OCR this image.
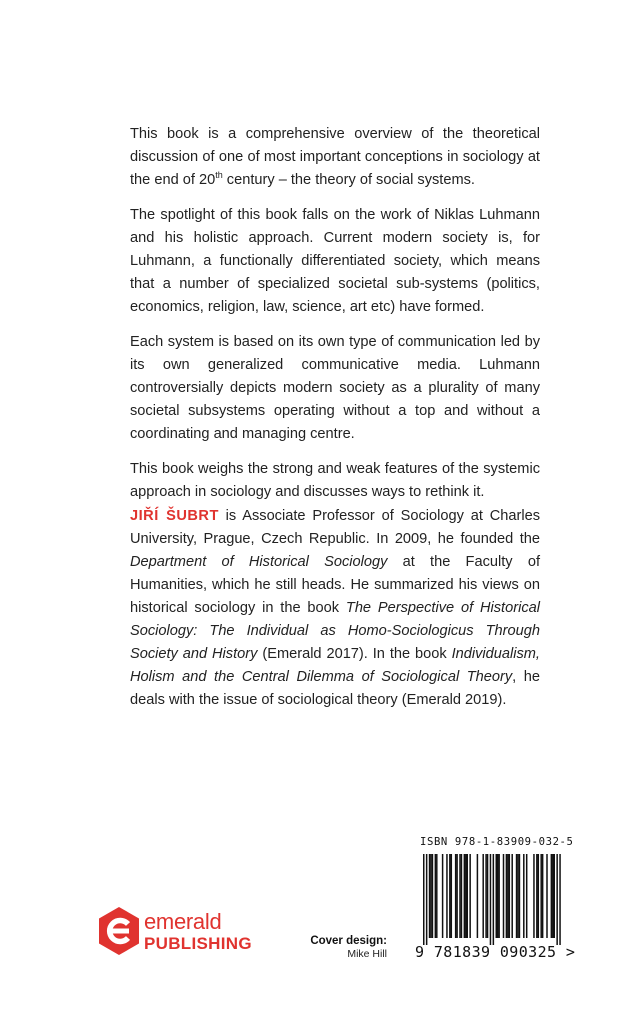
This book is a comprehensive overview of the theoretical discussion of one of most important conceptions in sociology at the end of 20th century – the theory of social systems.

The spotlight of this book falls on the work of Niklas Luhmann and his holistic approach. Current modern society is, for Luhmann, a functionally differentiated society, which means that a number of specialized societal sub-systems (politics, economics, religion, law, science, art etc) have formed.

Each system is based on its own type of communication led by its own generalized communicative media. Luhmann controversially depicts modern society as a plurality of many societal subsystems operating without a top and without a coordinating and managing centre.

This book weighs the strong and weak features of the systemic approach in sociology and discusses ways to rethink it.

JIŘÍ ŠUBRT is Associate Professor of Sociology at Charles University, Prague, Czech Republic. In 2009, he founded the Department of Historical Sociology at the Faculty of Humanities, which he still heads. He summarized his views on historical sociology in the book The Perspective of Historical Sociology: The Individual as Homo-Sociologicus Through Society and History (Emerald 2017). In the book Individualism, Holism and the Central Dilemma of Sociological Theory, he deals with the issue of sociological theory (Emerald 2019).

emerald
PUBLISHING	Cover design:
Mike Hill
ISBN 978-1-83909-032-5
9 781839 090325 >
